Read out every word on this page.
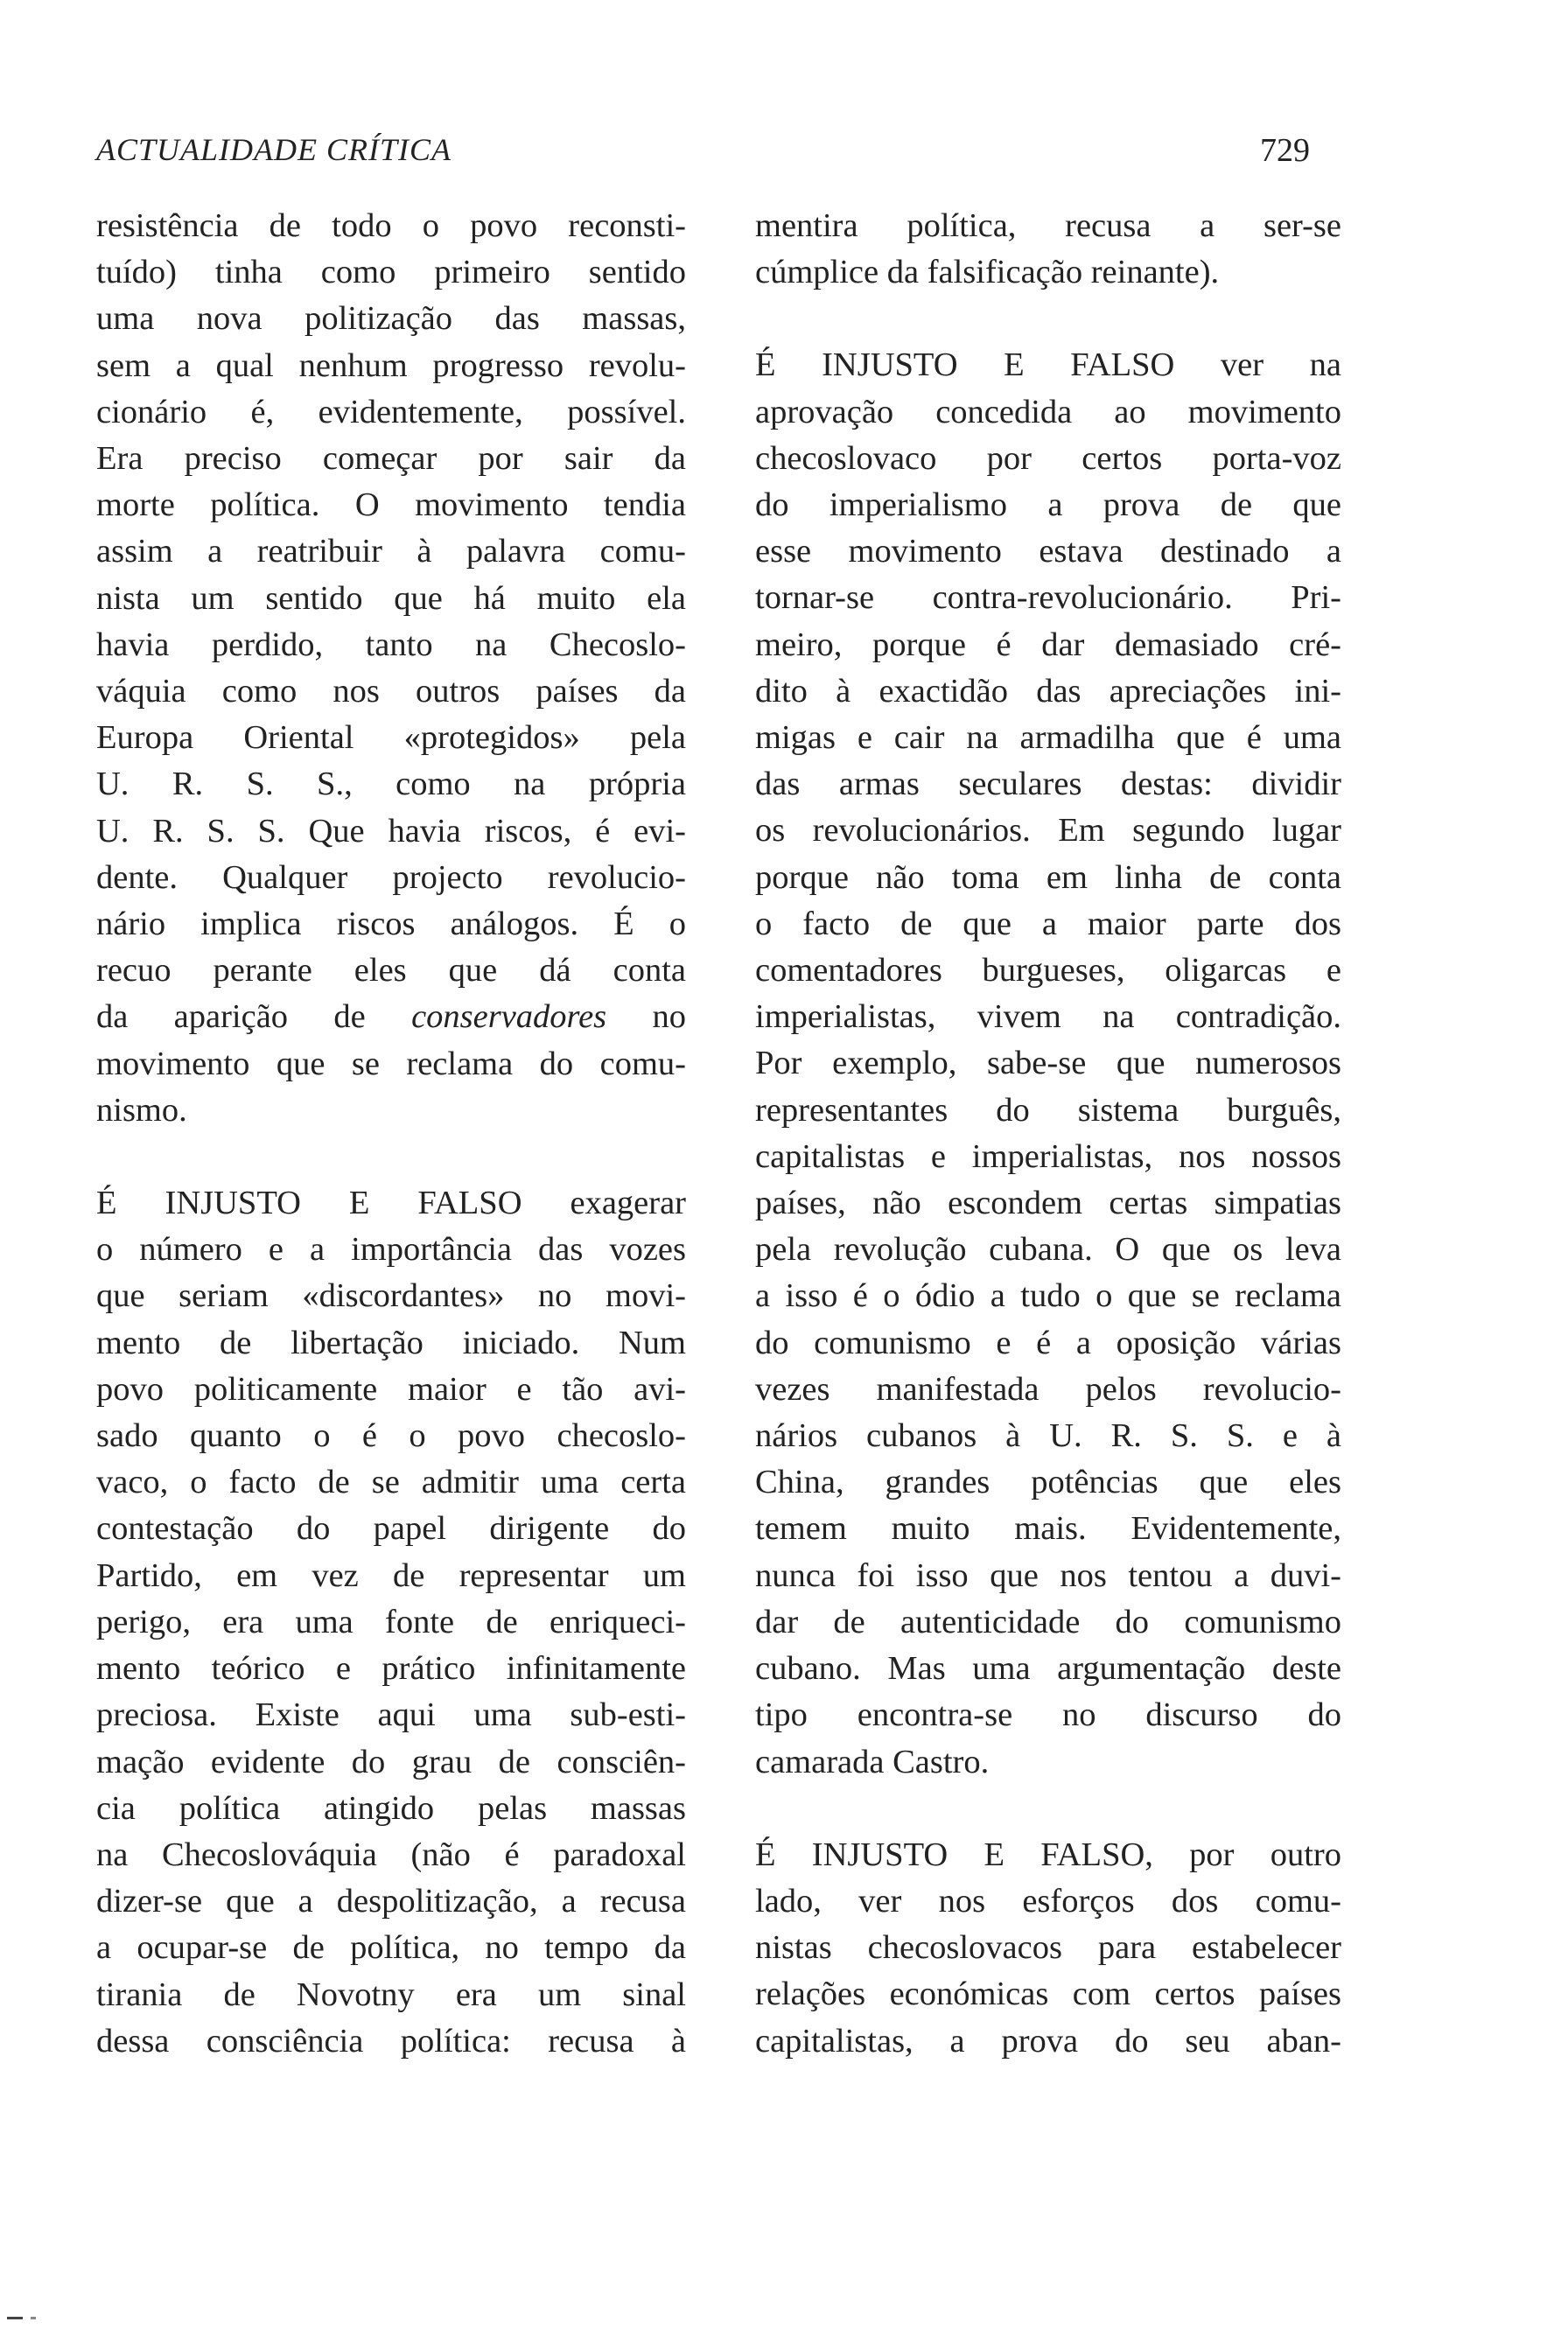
ACTUALIDADE CRÍTICA	729
resistência de todo o povo reconsti-
tuído) tinha como primeiro sentido
uma nova politização das massas,
sem a qual nenhum progresso revolu-
cionário é, evidentemente, possível.
Era preciso começar por sair da
morte política. O movimento tendia
assim a reatribuir à palavra comu-
nista um sentido que há muito ela
havia perdido, tanto na Checoslo-
váquia como nos outros países da
Europa Oriental «protegidos» pela
U. R. S. S., como na própria
U. R. S. S. Que havia riscos, é evi-
dente. Qualquer projecto revolucio-
nário implica riscos análogos. É o
recuo perante eles que dá conta
da aparição de conservadores no
movimento que se reclama do comu-
nismo.
É INJUSTO E FALSO exagerar
o número e a importância das vozes
que seriam «discordantes» no movi-
mento de libertação iniciado. Num
povo politicamente maior e tão avi-
sado quanto o é o povo checoslo-
vaco, o facto de se admitir uma certa
contestação do papel dirigente do
Partido, em vez de representar um
perigo, era uma fonte de enriqueci-
mento teórico e prático infinitamente
preciosa. Existe aqui uma sub-esti-
mação evidente do grau de consciên-
cia política atingido pelas massas
na Checoslováquia (não é paradoxal
dizer-se que a despolitização, a recusa
a ocupar-se de política, no tempo da
tirania de Novotny era um sinal
dessa consciência política: recusa à
mentira política, recusa a ser-se
cúmplice da falsificação reinante).
É INJUSTO E FALSO ver na
aprovação concedida ao movimento
checoslovaco por certos porta-voz
do imperialismo a prova de que
esse movimento estava destinado a
tornar-se contra-revolucionário. Pri-
meiro, porque é dar demasiado cré-
dito à exactidão das apreciações ini-
migas e cair na armadilha que é uma
das armas seculares destas: dividir
os revolucionários. Em segundo lugar
porque não toma em linha de conta
o facto de que a maior parte dos
comentadores burgueses, oligarcas e
imperialistas, vivem na contradição.
Por exemplo, sabe-se que numerosos
representantes do sistema burguês,
capitalistas e imperialistas, nos nossos
países, não escondem certas simpatias
pela revolução cubana. O que os leva
a isso é o ódio a tudo o que se reclama
do comunismo e é a oposição várias
vezes manifestada pelos revolucio-
nários cubanos à U. R. S. S. e à
China, grandes potências que eles
temem muito mais. Evidentemente,
nunca foi isso que nos tentou a duvi-
dar de autenticidade do comunismo
cubano. Mas uma argumentação deste
tipo encontra-se no discurso do
camarada Castro.
É INJUSTO E FALSO, por outro
lado, ver nos esforços dos comu-
nistas checoslovacos para estabelecer
relações económicas com certos países
capitalistas, a prova do seu aban-
